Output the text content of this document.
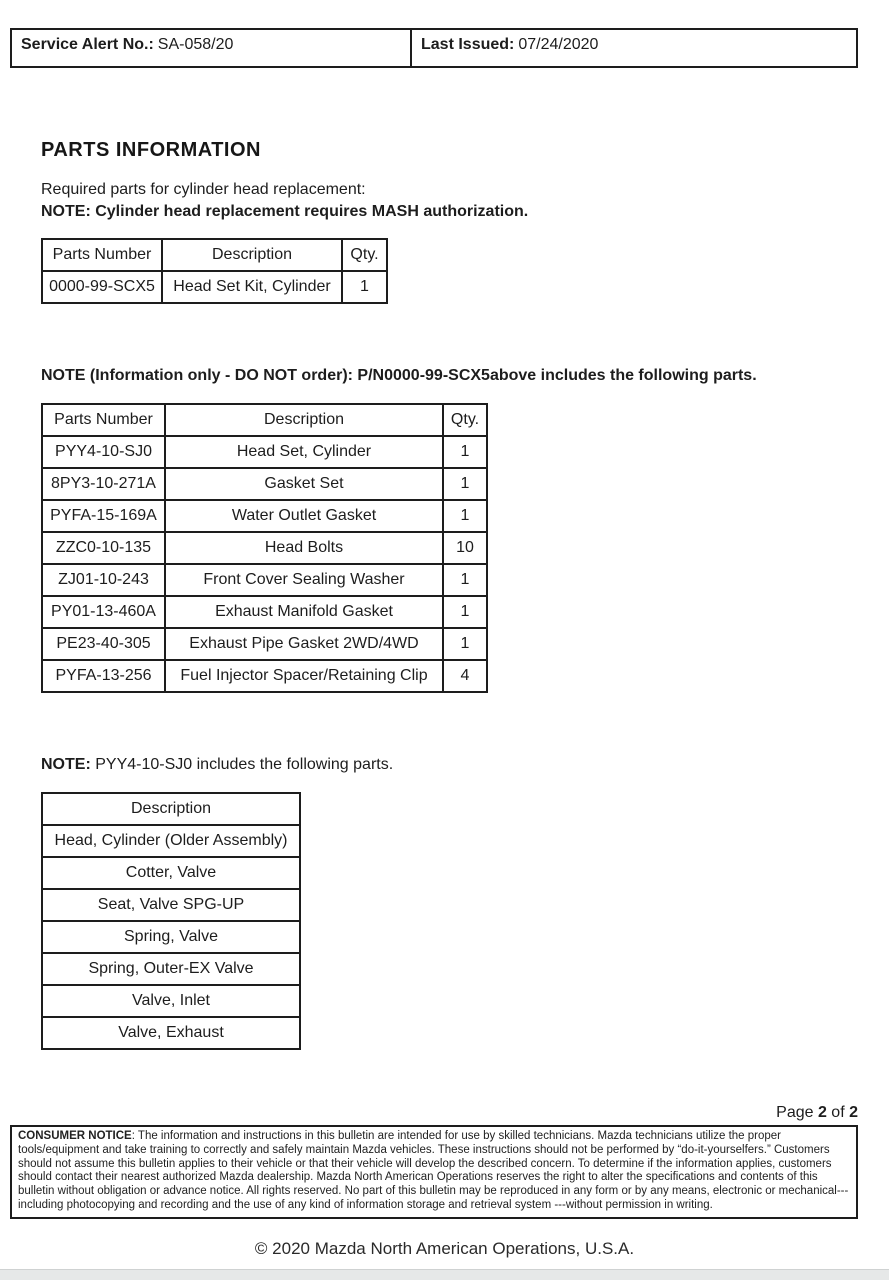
Service Alert No.: SA-058/20	Last Issued: 07/24/2020
PARTS INFORMATION

Required parts for cylinder head replacement:

NOTE: Cylinder head replacement requires MASH authorization.

Parts Number	Description	Qty.
0000-99-SCX5	Head Set Kit, Cylinder	1

NOTE (Information only - DO NOT order): P/N0000-99-SCX5above includes the following parts.

Parts Number	Description	Qty.
PYY4-10-SJ0	Head Set, Cylinder	1
8PY3-10-271A	Gasket Set	1
PYFA-15-169A	Water Outlet Gasket	1
ZZC0-10-135	Head Bolts	10
ZJ01-10-243	Front Cover Sealing Washer	1
PY01-13-460A	Exhaust Manifold Gasket	1
PE23-40-305	Exhaust Pipe Gasket 2WD/4WD	1
PYFA-13-256	Fuel Injector Spacer/Retaining Clip	4

NOTE: PYY4-10-SJ0 includes the following parts.

Description
Head, Cylinder (Older Assembly)
Cotter, Valve
Seat, Valve SPG-UP
Spring, Valve
Spring, Outer-EX Valve
Valve, Inlet
Valve, Exhaust
Page 2 of 2
CONSUMER NOTICE: The information and instructions in this bulletin are intended for use by skilled technicians. Mazda technicians utilize the proper tools/equipment and take training to correctly and safely maintain Mazda vehicles. These instructions should not be performed by “do-it-yourselfers.” Customers should not assume this bulletin applies to their vehicle or that their vehicle will develop the described concern. To determine if the information applies, customers should contact their nearest authorized Mazda dealership. Mazda North American Operations reserves the right to alter the specifications and contents of this bulletin without obligation or advance notice. All rights reserved. No part of this bulletin may be reproduced in any form or by any means, electronic or mechanical---including photocopying and recording and the use of any kind of information storage and retrieval system ---without permission in writing.
© 2020 Mazda North American Operations, U.S.A.
